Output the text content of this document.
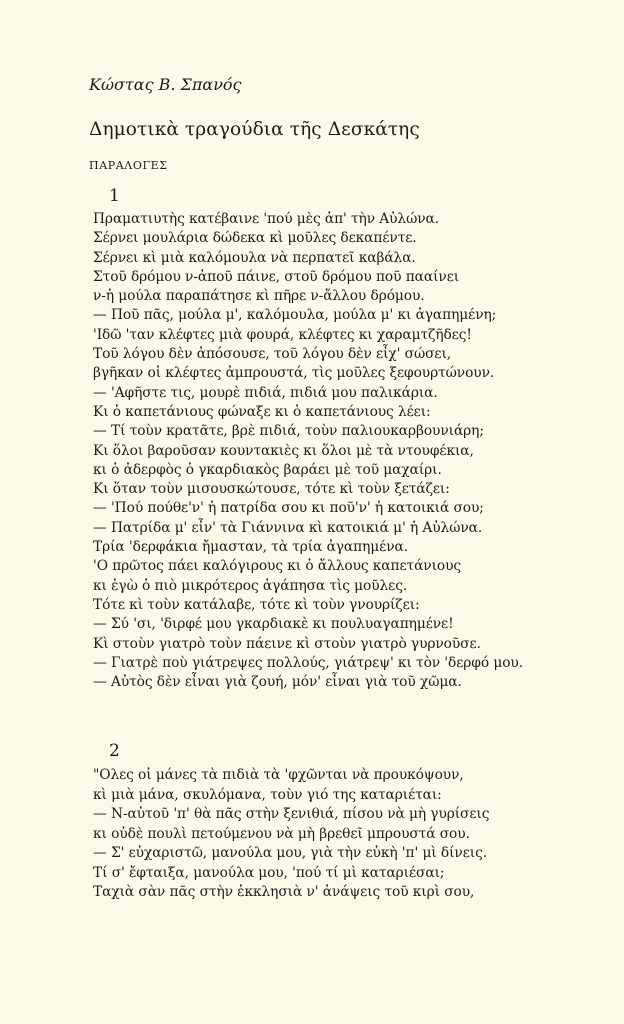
Κώστας Β. Σπανός
Δημοτικὰ τραγούδια τῆς Δεσκάτης
ΠΑΡΑΛΟΓΕΣ
1
Πραματιυτὴς κατέβαινε 'πού μὲς ἀπ' τὴν Αὐλώνα.
Σέρνει μουλάρια δώδεκα κὶ μοῦλες δεκαπέντε.
Σέρνει κὶ μιὰ καλόμουλα νὰ περπατεῖ καβάλα.
Στοῦ δρόμου ν-ἀποῦ πάινε, στοῦ δρόμου ποῦ πααίνει
ν-ἡ μούλα παραπάτησε κὶ πῆρε ν-ἄλλου δρόμου.
— Ποῦ πᾶς, μούλα μ', καλόμουλα, μούλα μ' κι ἀγαπημένη;
'Ιδῶ 'ταν κλέφτες μιὰ φουρά, κλέφτες κι χαραμτζῆδες!
Τοῦ λόγου δὲν ἀπόσουσε, τοῦ λόγου δὲν εἶχ' σώσει,
βγῆκαν οἱ κλέφτες ἀμπρουστά, τὶς μοῦλες ξεφουρτώνουν.
— 'Αφῆστε τις, μουρὲ πιδιά, πιδιά μου παλικάρια.
Κι ὁ καπετάνιους φώναξε κι ὁ καπετάνιους λέει:
— Τί τοὺν κρατᾶτε, βρὲ πιδιά, τοὺν παλιουκαρβουνιάρη;
Κι ὅλοι βαροῦσαν κουντακιὲς κι ὅλοι μὲ τὰ ντουφέκια,
κι ὁ ἀδερφὸς ὁ γκαρδιακὸς βαράει μὲ τοῦ μαχαίρι.
Κι ὅταν τοὺν μισουσκώτουσε, τότε κὶ τοὺν ξετάζει:
— 'Πού πούθε'ν' ἡ πατρίδα σου κι ποῦ'ν' ἡ κατοικιά σου;
— Πατρίδα μ' εἶν' τὰ Γιάννινα κὶ κατοικιά μ' ἡ Αὐλώνα.
Τρία 'δερφάκια ἤμασταν, τὰ τρία ἀγαπημένα.
'Ο πρῶτος πάει καλόγιρους κι ὁ ἄλλους καπετάνιους
κι ἐγὼ ὁ πιὸ μικρότερος ἀγάπησα τὶς μοῦλες.
Τότε κὶ τοὺν κατάλαβε, τότε κὶ τοὺν γνουρίζει:
— Σύ 'σι, 'διρφέ μου γκαρδιακὲ κι πουλυαγαπημένε!
Κὶ στοὺν γιατρὸ τοὺν πάεινε κὶ στοὺν γιατρὸ γυρνοῦσε.
— Γιατρὲ ποὺ γιάτρεψες πολλούς, γιάτρεψ' κι τὸν 'δερφό μου.
— Αὐτὸς δὲν εἶναι γιὰ ζουή, μόν' εἶναι γιὰ τοῦ χῶμα.
2
"Ολες οἱ μάνες τὰ πιδιὰ τὰ 'φχῶνται νὰ προυκόψουν,
κὶ μιὰ μάνα, σκυλόμανα, τοὺν γιό της καταριέται:
— Ν-αὐτοῦ 'π' θὰ πᾶς στὴν ξενιθιά, πίσου νὰ μὴ γυρίσεις
κι οὐδὲ πουλὶ πετούμενου νὰ μὴ βρεθεῖ μπρουστά σου.
— Σ' εὐχαριστῶ, μανούλα μου, γιὰ τὴν εὐκὴ 'π' μὶ δίνεις.
Τί σ' ἔφταιξα, μανούλα μου, 'πού τί μὶ καταριέσαι;
Ταχιὰ σὰν πᾶς στὴν ἐκκλησιὰ ν' ἀνάψεις τοῦ κιρὶ σου,
